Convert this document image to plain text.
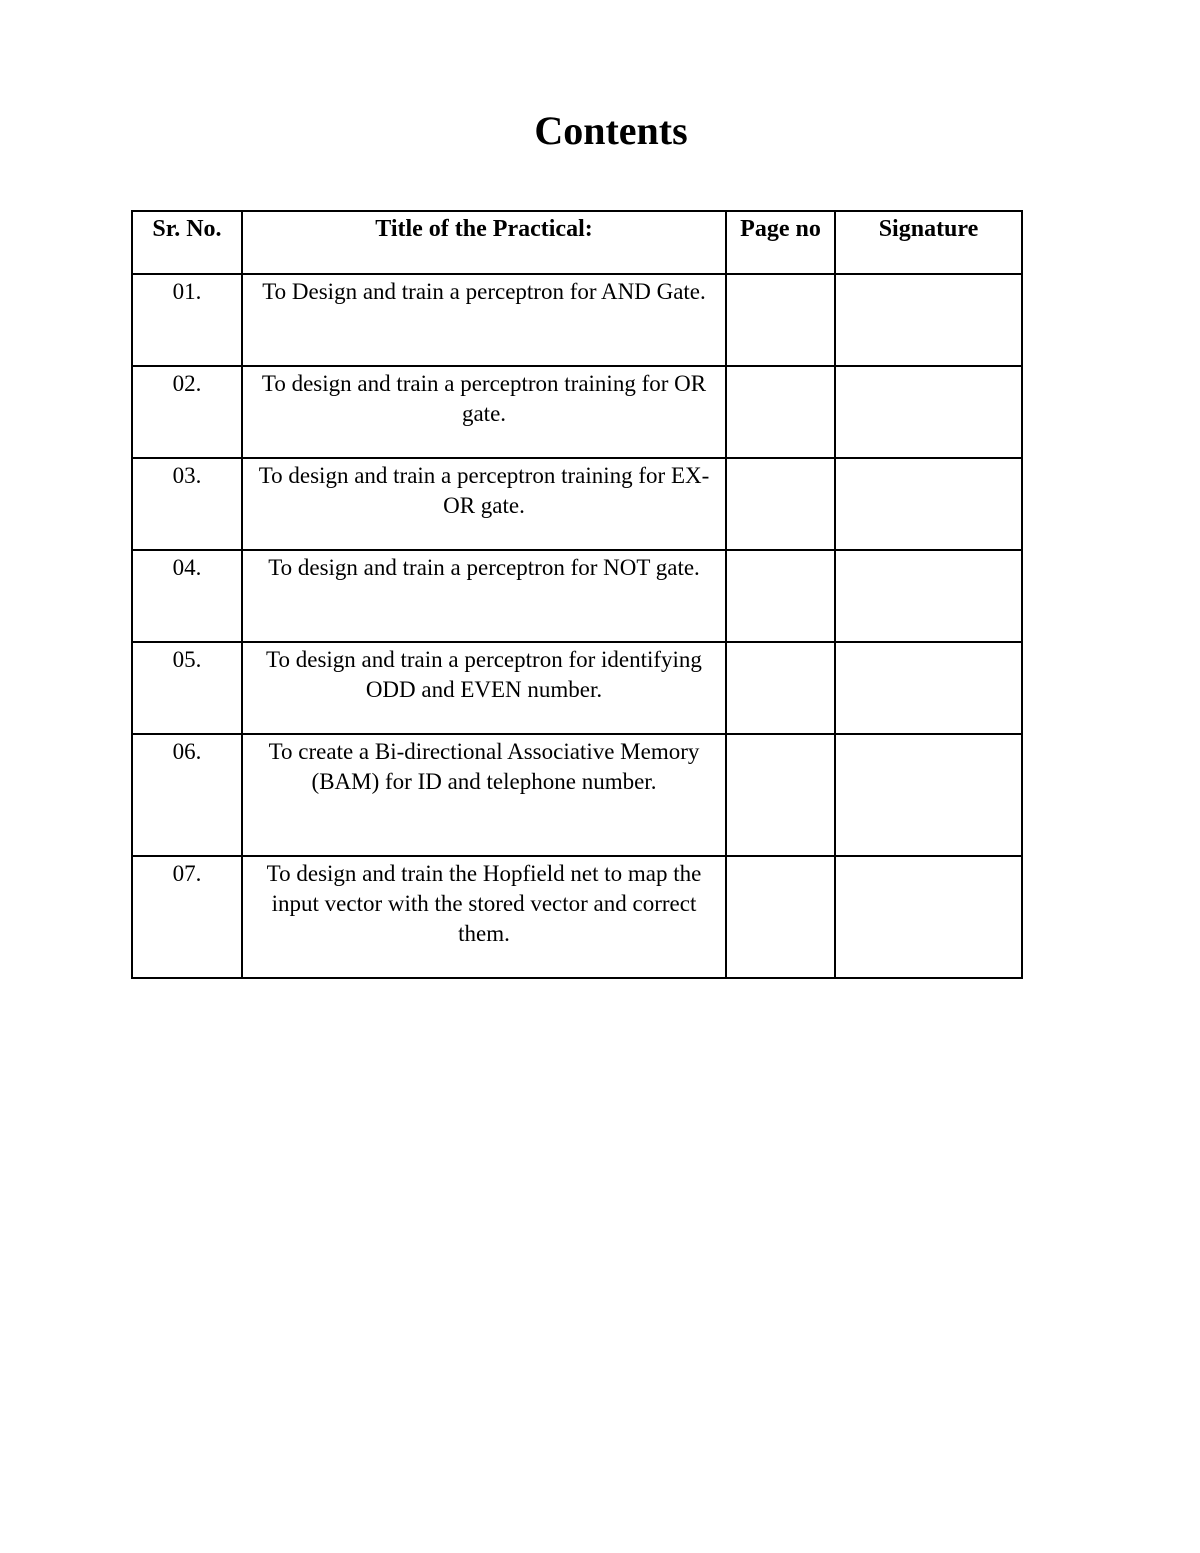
Contents
Sr. No.	Title of the Practical:	Page no	Signature
01.	To Design and train a perceptron for AND Gate.		
02.	To design and train a perceptron training for OR gate.		
03.	To design and train a perceptron training for EX-OR gate.		
04.	To design and train a perceptron for NOT gate.		
05.	To design and train a perceptron for identifying ODD and EVEN number.		
06.	To create a Bi-directional Associative Memory (BAM) for ID and telephone number.		
07.	To design and train the Hopfield net to map the input vector with the stored vector and correct them.		
